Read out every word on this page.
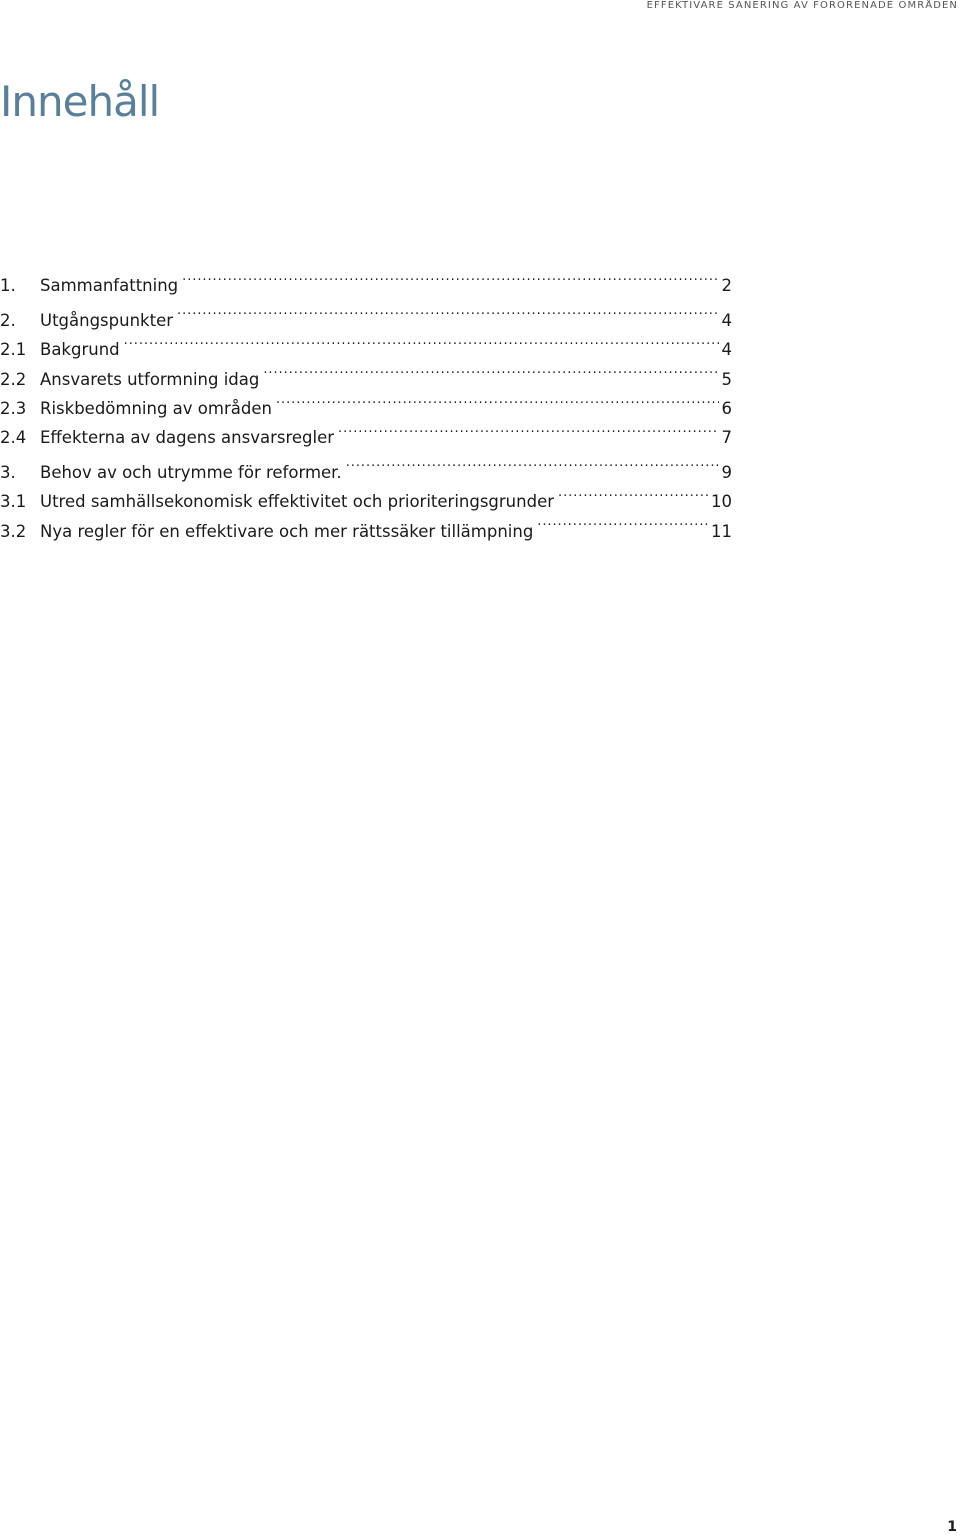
EFFEKTIVARE SANERING AV FÖRORENADE OMRÅDEN
Innehåll
1.	Sammanfattning . . .	2
2.	Utgångspunkter . . .	4
2.1 Bakgrund . . .	4
2.2 Ansvarets utformning idag . . .	5
2.3 Riskbedömning av områden . . .	6
2.4 Effekterna av dagens ansvarsregler . . .	7
3.	Behov av och utrymme för reformer. . . .	9
3.1 Utred samhällsekonomisk effektivitet och prioriteringsgrunder . . .	10
3.2 Nya regler för en effektivare och mer rättssäker tillämpning . . .	11
1
